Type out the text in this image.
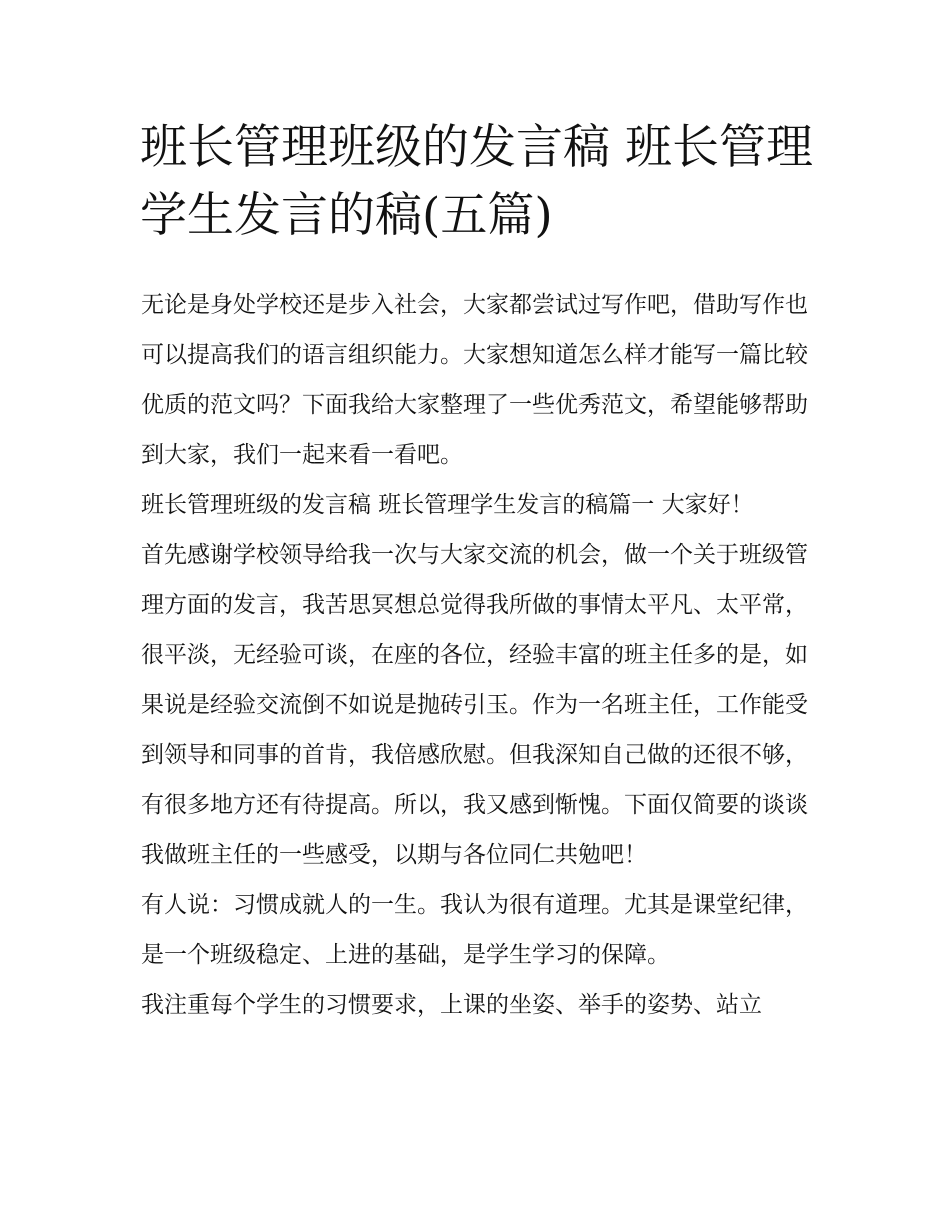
班长管理班级的发言稿 班长管理学生发言的稿(五篇)

无论是身处学校还是步入社会，大家都尝试过写作吧，借助写作也可以提高我们的语言组织能力。大家想知道怎么样才能写一篇比较优质的范文吗？下面我给大家整理了一些优秀范文，希望能够帮助到大家，我们一起来看一看吧。

班长管理班级的发言稿 班长管理学生发言的稿篇一 大家好！

首先感谢学校领导给我一次与大家交流的机会，做一个关于班级管理方面的发言，我苦思冥想总觉得我所做的事情太平凡、太平常，很平淡，无经验可谈，在座的各位，经验丰富的班主任多的是，如果说是经验交流倒不如说是抛砖引玉。作为一名班主任，工作能受到领导和同事的首肯，我倍感欣慰。但我深知自己做的还很不够，有很多地方还有待提高。所以，我又感到惭愧。下面仅简要的谈谈我做班主任的一些感受，以期与各位同仁共勉吧！

有人说：习惯成就人的一生。我认为很有道理。尤其是课堂纪律，是一个班级稳定、上进的基础，是学生学习的保障。

我注重每个学生的习惯要求，上课的坐姿、举手的姿势、站立
